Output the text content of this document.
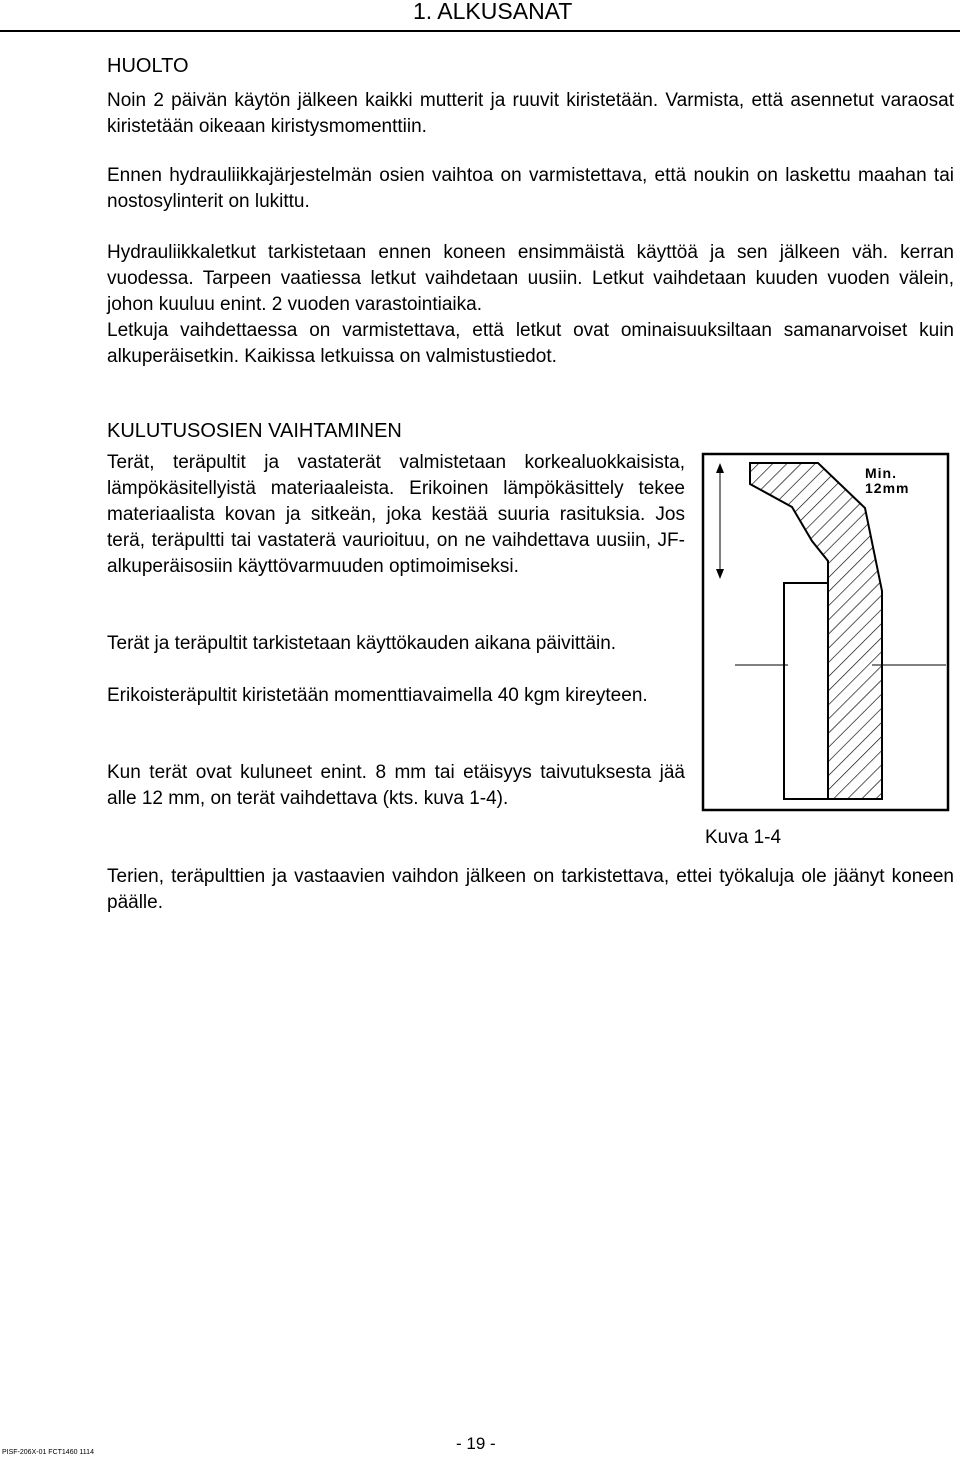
1. ALKUSANAT
HUOLTO

Noin 2 päivän käytön jälkeen kaikki mutterit ja ruuvit kiristetään. Varmista, että asennetut varaosat kiristetään oikeaan kiristysmomenttiin.

Ennen hydrauliikkajärjestelmän osien vaihtoa on varmistettava, että noukin on laskettu maahan tai nostosylinterit on lukittu.

Hydrauliikkaletkut tarkistetaan ennen koneen ensimmäistä käyttöä ja sen jälkeen väh. kerran vuodessa. Tarpeen vaatiessa letkut vaihdetaan uusiin. Letkut vaihdetaan kuuden vuoden välein, johon kuuluu enint. 2 vuoden varastointiaika.

Letkuja vaihdettaessa on varmistettava, että letkut ovat ominaisuuksiltaan samanarvoiset kuin alkuperäisetkin. Kaikissa letkuissa on valmistustiedot.

KULUTUSOSIEN VAIHTAMINEN

Terät, teräpultit ja vastaterät valmistetaan korkealuokkaisista, lämpökäsitellyistä materiaaleista. Erikoinen lämpökäsittely tekee materiaalista kovan ja sitkeän, joka kestää suuria rasituksia. Jos terä, teräpultti tai vastaterä vaurioituu, on ne vaihdettava uusiin, JF-alkuperäisosiin käyttövarmuuden optimoimiseksi.

Terät ja teräpultit tarkistetaan käyttökauden aikana päivittäin.

Erikoisteräpultit kiristetään momenttiavaimella 40 kgm kireyteen.

Kun terät ovat kuluneet enint. 8 mm tai etäisyys taivutuksesta jää alle 12 mm, on terät vaihdettava (kts. kuva 1-4).

Terien, teräpulttien ja vastaavien vaihdon jälkeen on tarkistettava, ettei työkaluja ole jäänyt koneen päälle.

Min.
12mm

Kuva 1-4

PISF-206X-01 FCT1460 1114	- 19 -
